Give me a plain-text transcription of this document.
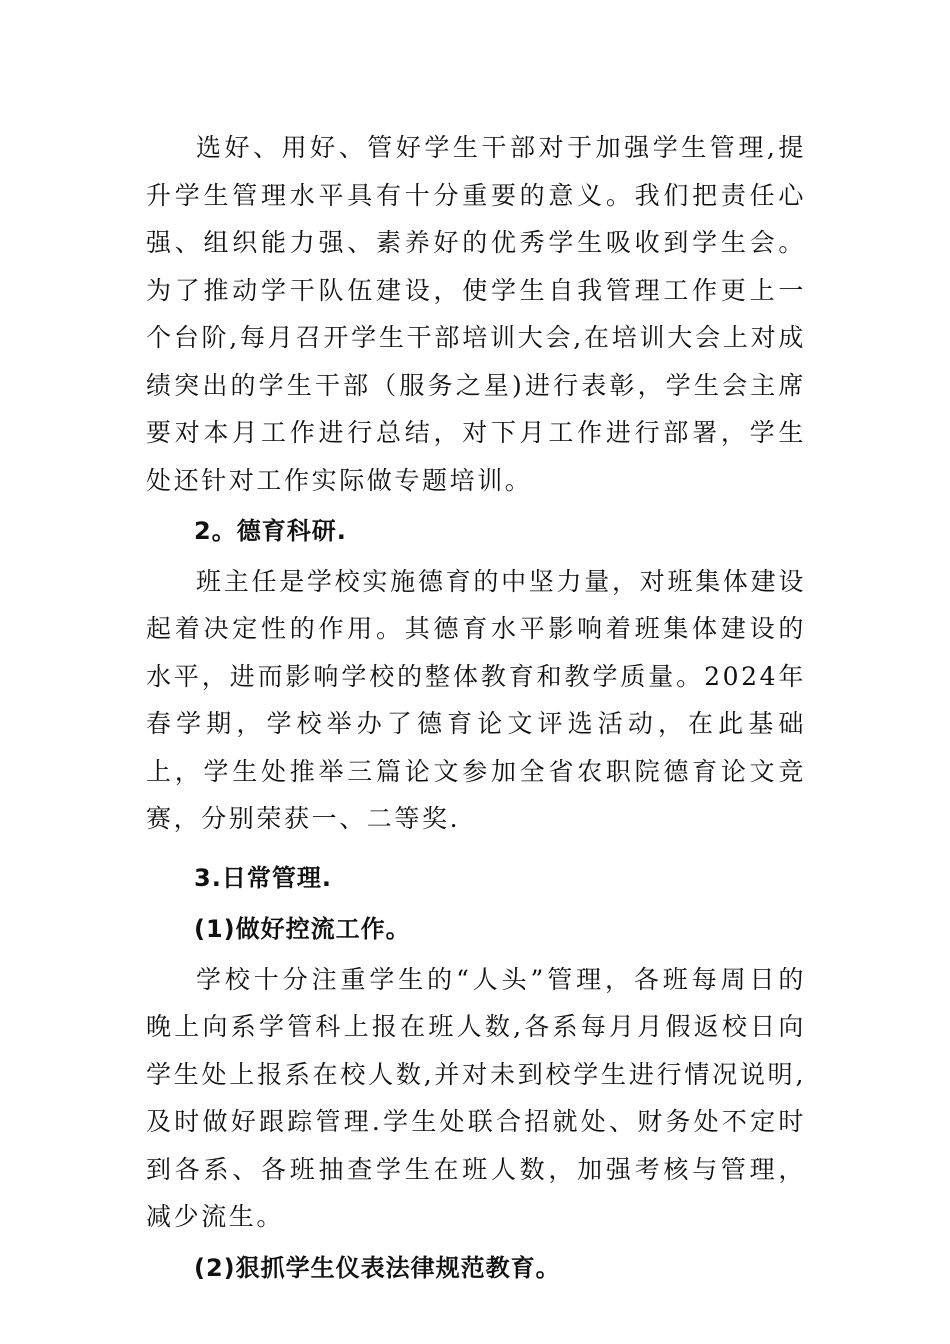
选好、用好、管好学生干部对于加强学生管理,提升学生管理水平具有十分重要的意义。我们把责任心强、组织能力强、素养好的优秀学生吸收到学生会。为了推动学干队伍建设，使学生自我管理工作更上一个台阶,每月召开学生干部培训大会,在培训大会上对成绩突出的学生干部（服务之星)进行表彰，学生会主席要对本月工作进行总结，对下月工作进行部署，学生处还针对工作实际做专题培训。

2。德育科研.

班主任是学校实施德育的中坚力量，对班集体建设起着决定性的作用。其德育水平影响着班集体建设的水平，进而影响学校的整体教育和教学质量。2024年春学期，学校举办了德育论文评选活动，在此基础上，学生处推举三篇论文参加全省农职院德育论文竞赛，分别荣获一、二等奖.

3.日常管理.
(1)做好控流工作。

学校十分注重学生的“人头”管理，各班每周日的晚上向系学管科上报在班人数,各系每月月假返校日向学生处上报系在校人数,并对未到校学生进行情况说明,及时做好跟踪管理.学生处联合招就处、财务处不定时到各系、各班抽查学生在班人数，加强考核与管理，减少流生。

(2)狠抓学生仪表法律规范教育。
